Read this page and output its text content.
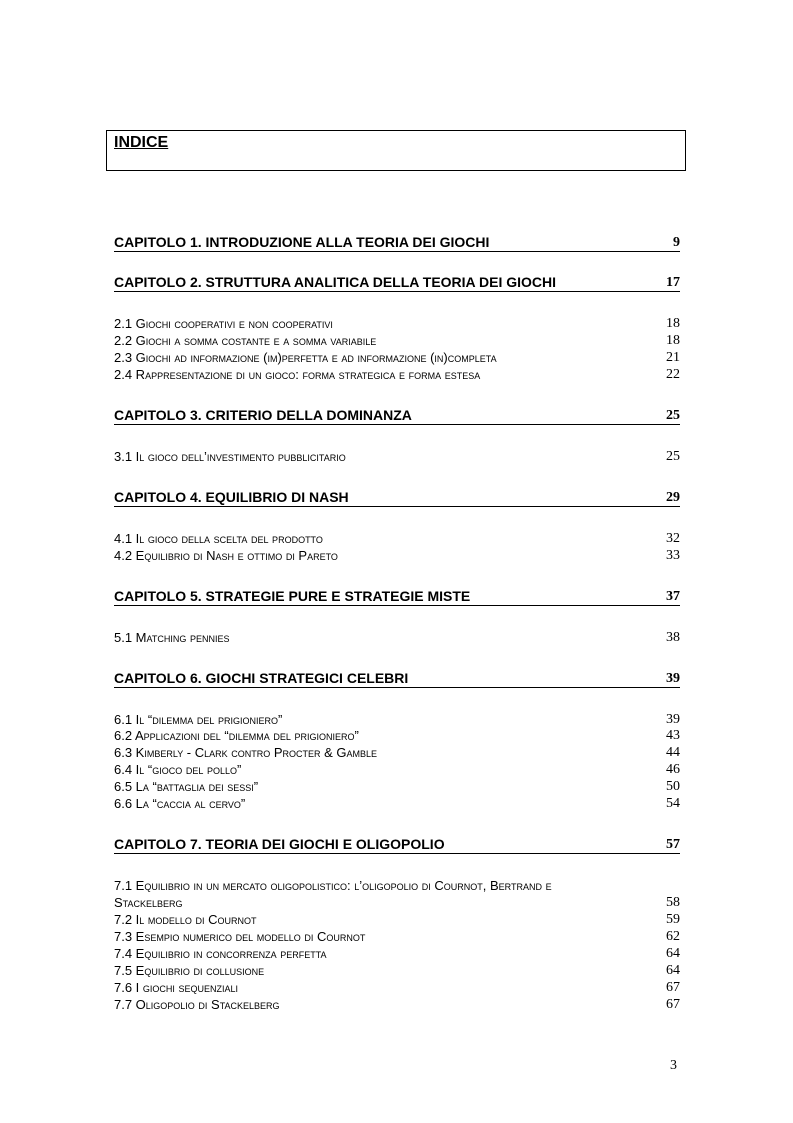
INDICE
CAPITOLO 1. INTRODUZIONE ALLA TEORIA DEI GIOCHI	9
CAPITOLO 2. STRUTTURA ANALITICA DELLA TEORIA DEI GIOCHI	17
2.1 Giochi cooperativi e non cooperativi	18
2.2 Giochi a somma costante e a somma variabile	18
2.3 Giochi ad informazione (im)perfetta e ad informazione (in)completa	21
2.4 Rappresentazione di un gioco: forma strategica e forma estesa	22
CAPITOLO 3. CRITERIO DELLA DOMINANZA	25
3.1 Il gioco dell’investimento pubblicitario	25
CAPITOLO 4. EQUILIBRIO DI NASH	29
4.1 Il gioco della scelta del prodotto	32
4.2 Equilibrio di Nash e ottimo di Pareto	33
CAPITOLO 5. STRATEGIE PURE E STRATEGIE MISTE	37
5.1 Matching pennies	38
CAPITOLO 6. GIOCHI STRATEGICI CELEBRI	39
6.1 Il “dilemma del prigioniero”	39
6.2 Applicazioni del “dilemma del prigioniero”	43
6.3 Kimberly - Clark contro Procter & Gamble	44
6.4 Il “gioco del pollo”	46
6.5 La “battaglia dei sessi”	50
6.6 La “caccia al cervo”	54
CAPITOLO 7. TEORIA DEI GIOCHI E OLIGOPOLIO	57
7.1 Equilibrio in un mercato oligopolistico: l’oligopolio di Cournot, Bertrand e
Stackelberg	58
7.2 Il modello di Cournot	59
7.3 Esempio numerico del modello di Cournot	62
7.4 Equilibrio in concorrenza perfetta	64
7.5 Equilibrio di collusione	64
7.6 I giochi sequenziali	67
7.7 Oligopolio di Stackelberg	67
3
